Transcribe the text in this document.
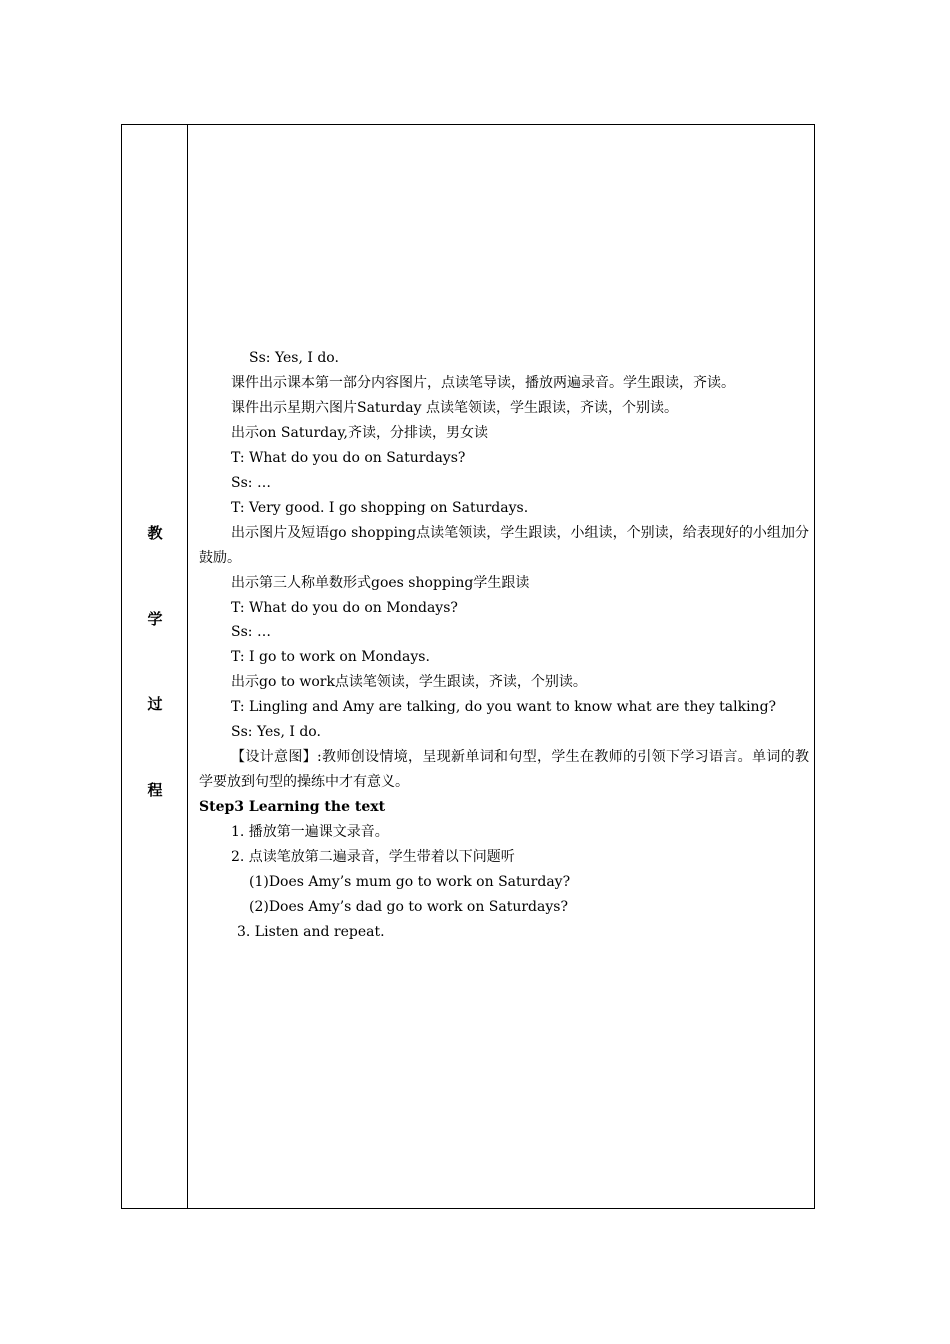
教
学
过
程
Ss: Yes, I do.
课件出示课本第一部分内容图片，点读笔导读，播放两遍录音。学生跟读，齐读。
课件出示星期六图片Saturday 点读笔领读，学生跟读，齐读，个别读。
出示on Saturday,齐读，分排读，男女读
T: What do you do on Saturdays?
Ss: …
T: Very good. I go shopping on Saturdays.
出示图片及短语go shopping点读笔领读，学生跟读，小组读，个别读，给表现好的小组加分鼓励。
出示第三人称单数形式goes shopping学生跟读
T: What do you do on Mondays?
Ss: …
T: I go to work on Mondays.
出示go to work点读笔领读，学生跟读，齐读，个别读。
T: Lingling and Amy are talking, do you want to know what are they talking?
Ss: Yes, I do.
【设计意图】:教师创设情境，呈现新单词和句型，学生在教师的引领下学习语言。单词的教学要放到句型的操练中才有意义。
Step3 Learning the text
1. 播放第一遍课文录音。
2. 点读笔放第二遍录音，学生带着以下问题听
(1)Does Amy’s mum go to work on Saturday?
(2)Does Amy’s dad go to work on Saturdays?
3. Listen and repeat.
